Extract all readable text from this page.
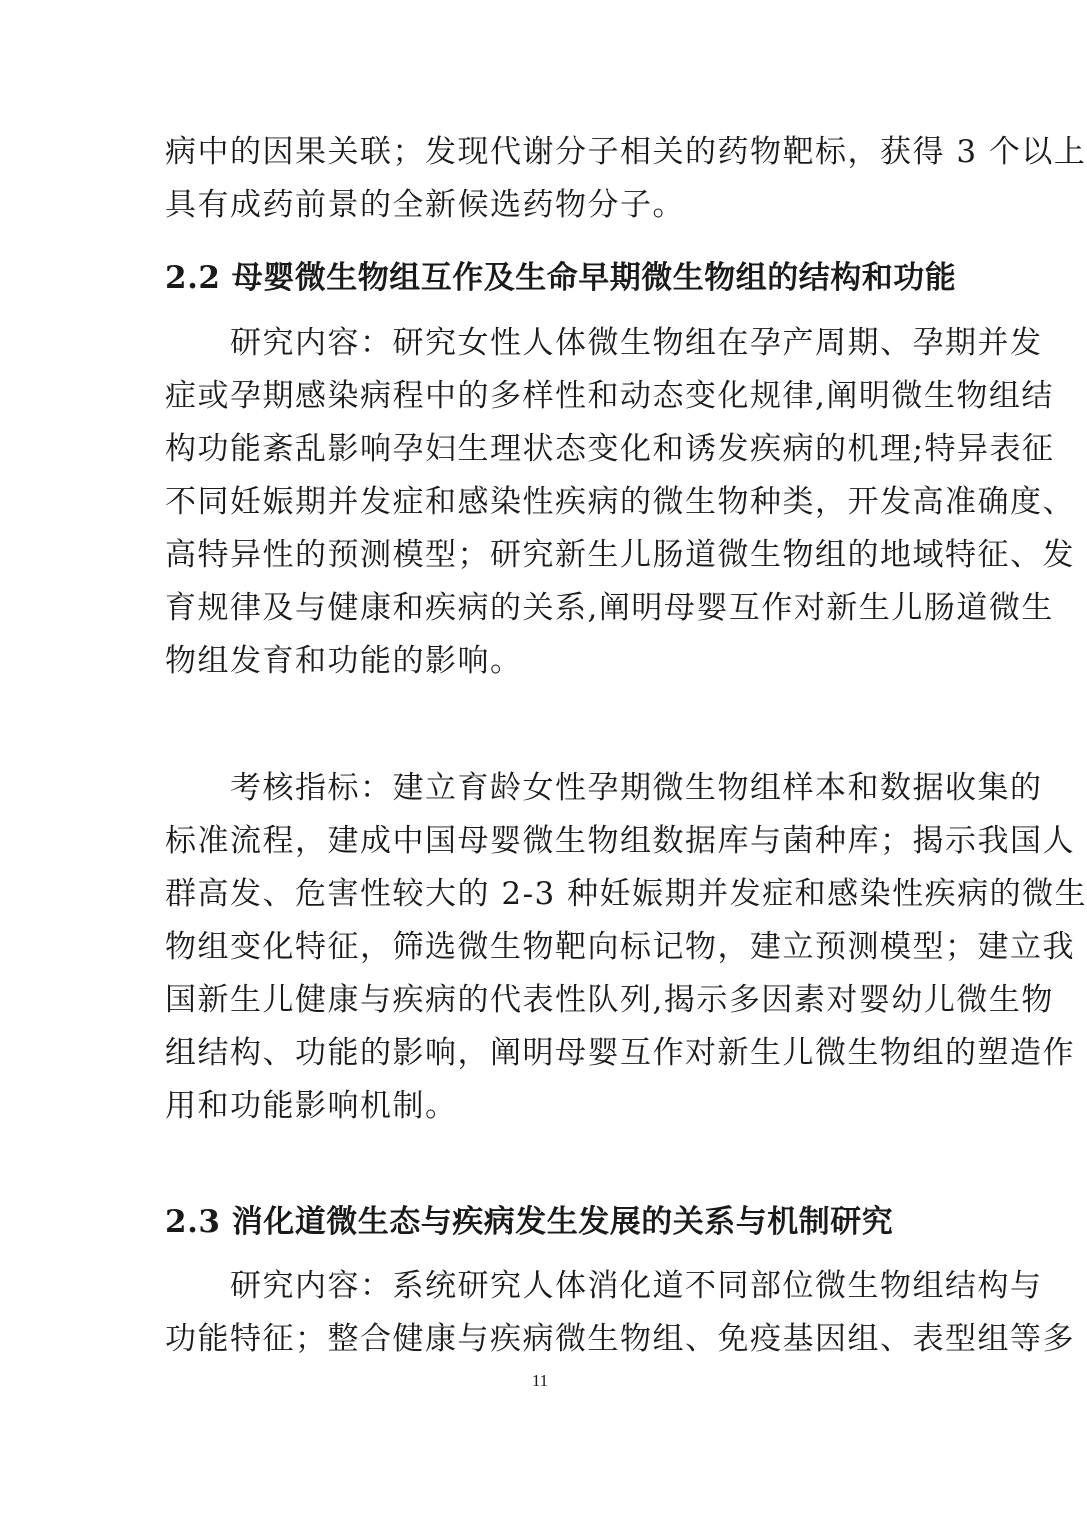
病中的因果关联；发现代谢分子相关的药物靶标，获得 3 个以上
具有成药前景的全新候选药物分子。
2.2 母婴微生物组互作及生命早期微生物组的结构和功能
　　研究内容：研究女性人体微生物组在孕产周期、孕期并发
症或孕期感染病程中的多样性和动态变化规律,阐明微生物组结
构功能紊乱影响孕妇生理状态变化和诱发疾病的机理;特异表征
不同妊娠期并发症和感染性疾病的微生物种类，开发高准确度、
高特异性的预测模型；研究新生儿肠道微生物组的地域特征、发
育规律及与健康和疾病的关系,阐明母婴互作对新生儿肠道微生
物组发育和功能的影响。
　　考核指标：建立育龄女性孕期微生物组样本和数据收集的
标准流程，建成中国母婴微生物组数据库与菌种库；揭示我国人
群高发、危害性较大的 2-3 种妊娠期并发症和感染性疾病的微生
物组变化特征，筛选微生物靶向标记物，建立预测模型；建立我
国新生儿健康与疾病的代表性队列,揭示多因素对婴幼儿微生物
组结构、功能的影响，阐明母婴互作对新生儿微生物组的塑造作
用和功能影响机制。
2.3 消化道微生态与疾病发生发展的关系与机制研究
　　研究内容：系统研究人体消化道不同部位微生物组结构与
功能特征；整合健康与疾病微生物组、免疫基因组、表型组等多
11
